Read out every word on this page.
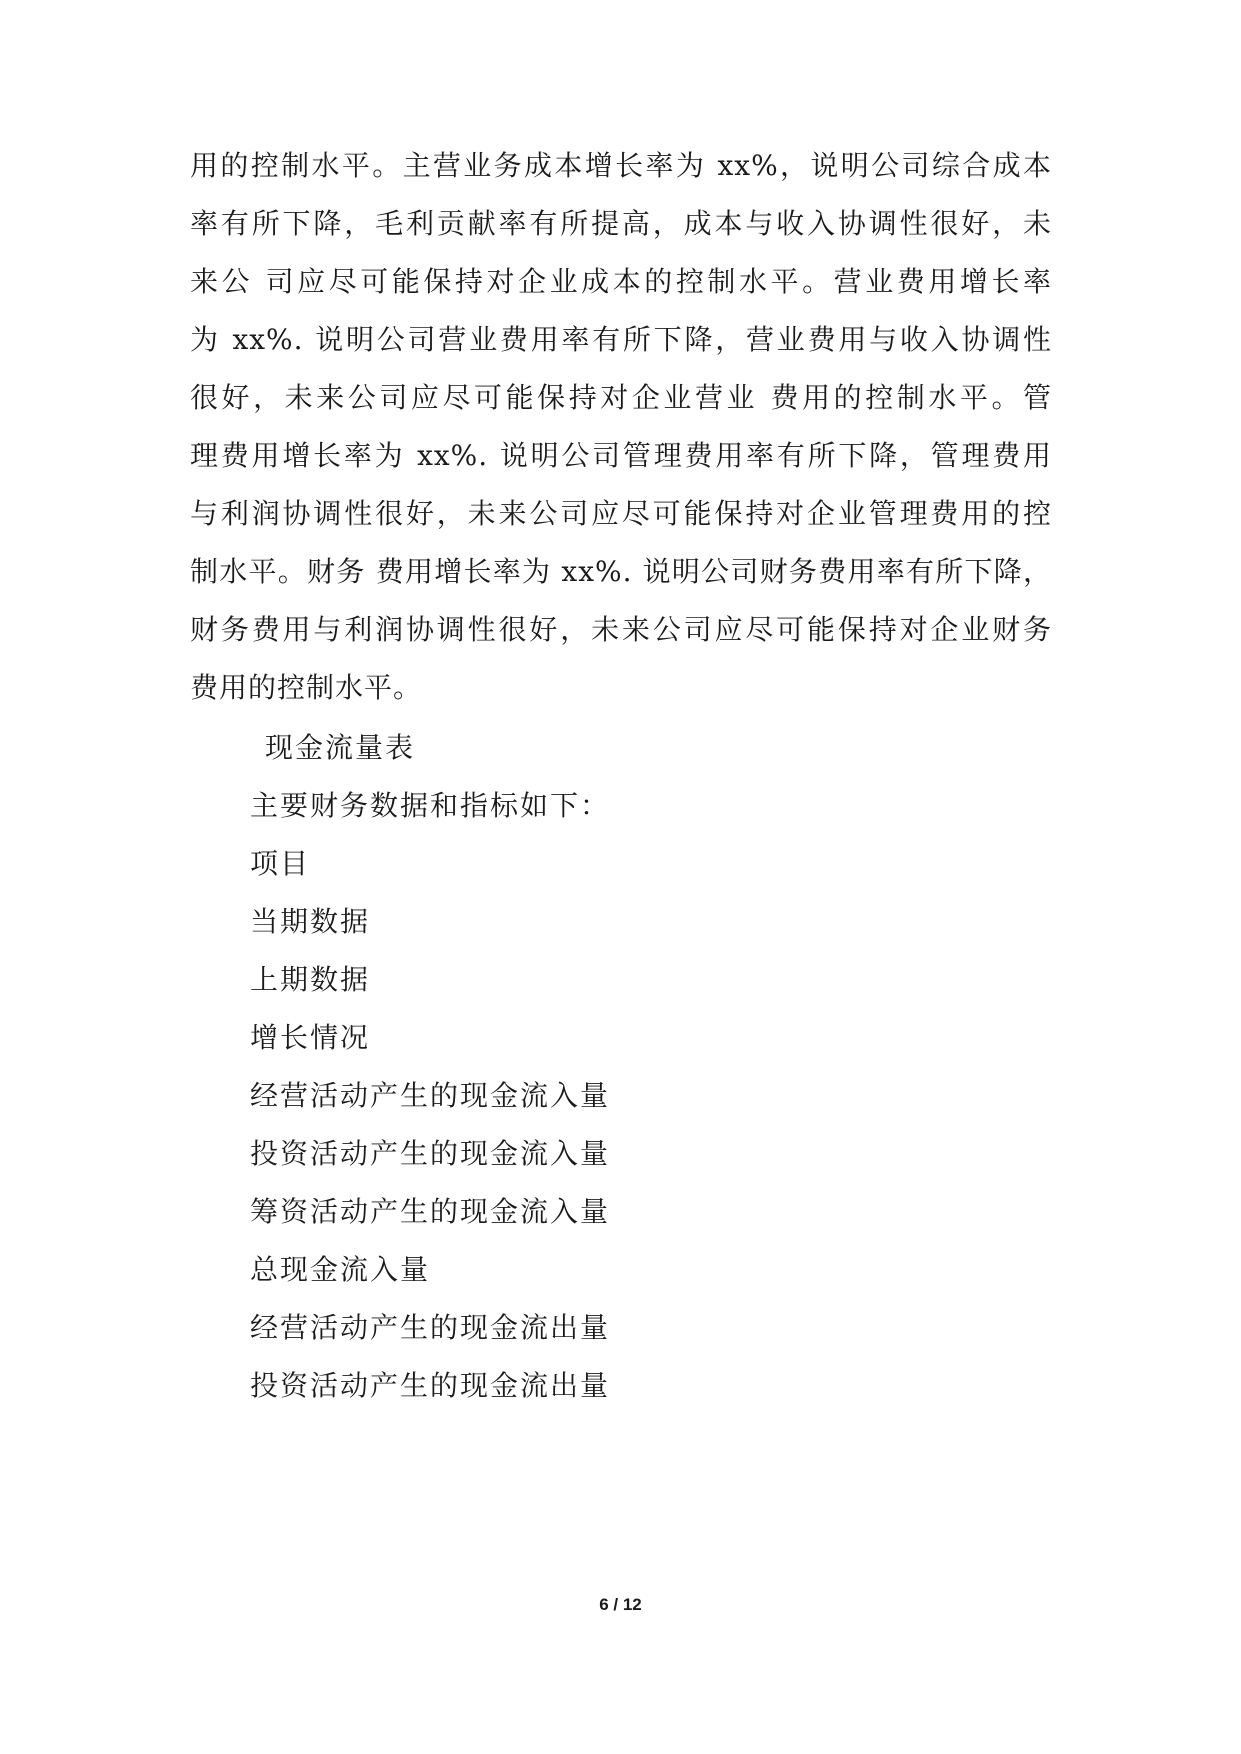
用的控制水平。主营业务成本增长率为 xx%，说明公司综合成本
率有所下降，毛利贡献率有所提高，成本与收入协调性很好，未
来公 司应尽可能保持对企业成本的控制水平。营业费用增长率
为 xx%. 说明公司营业费用率有所下降，营业费用与收入协调性
很好，未来公司应尽可能保持对企业营业 费用的控制水平。管
理费用增长率为 xx%. 说明公司管理费用率有所下降，管理费用
与利润协调性很好，未来公司应尽可能保持对企业管理费用的控
制水平。财务 费用增长率为 xx%. 说明公司财务费用率有所下降，
财务费用与利润协调性很好，未来公司应尽可能保持对企业财务
费用的控制水平。
现金流量表
主要财务数据和指标如下：
项目
当期数据
上期数据
增长情况
经营活动产生的现金流入量
投资活动产生的现金流入量
筹资活动产生的现金流入量
总现金流入量
经营活动产生的现金流出量
投资活动产生的现金流出量
6 / 12
